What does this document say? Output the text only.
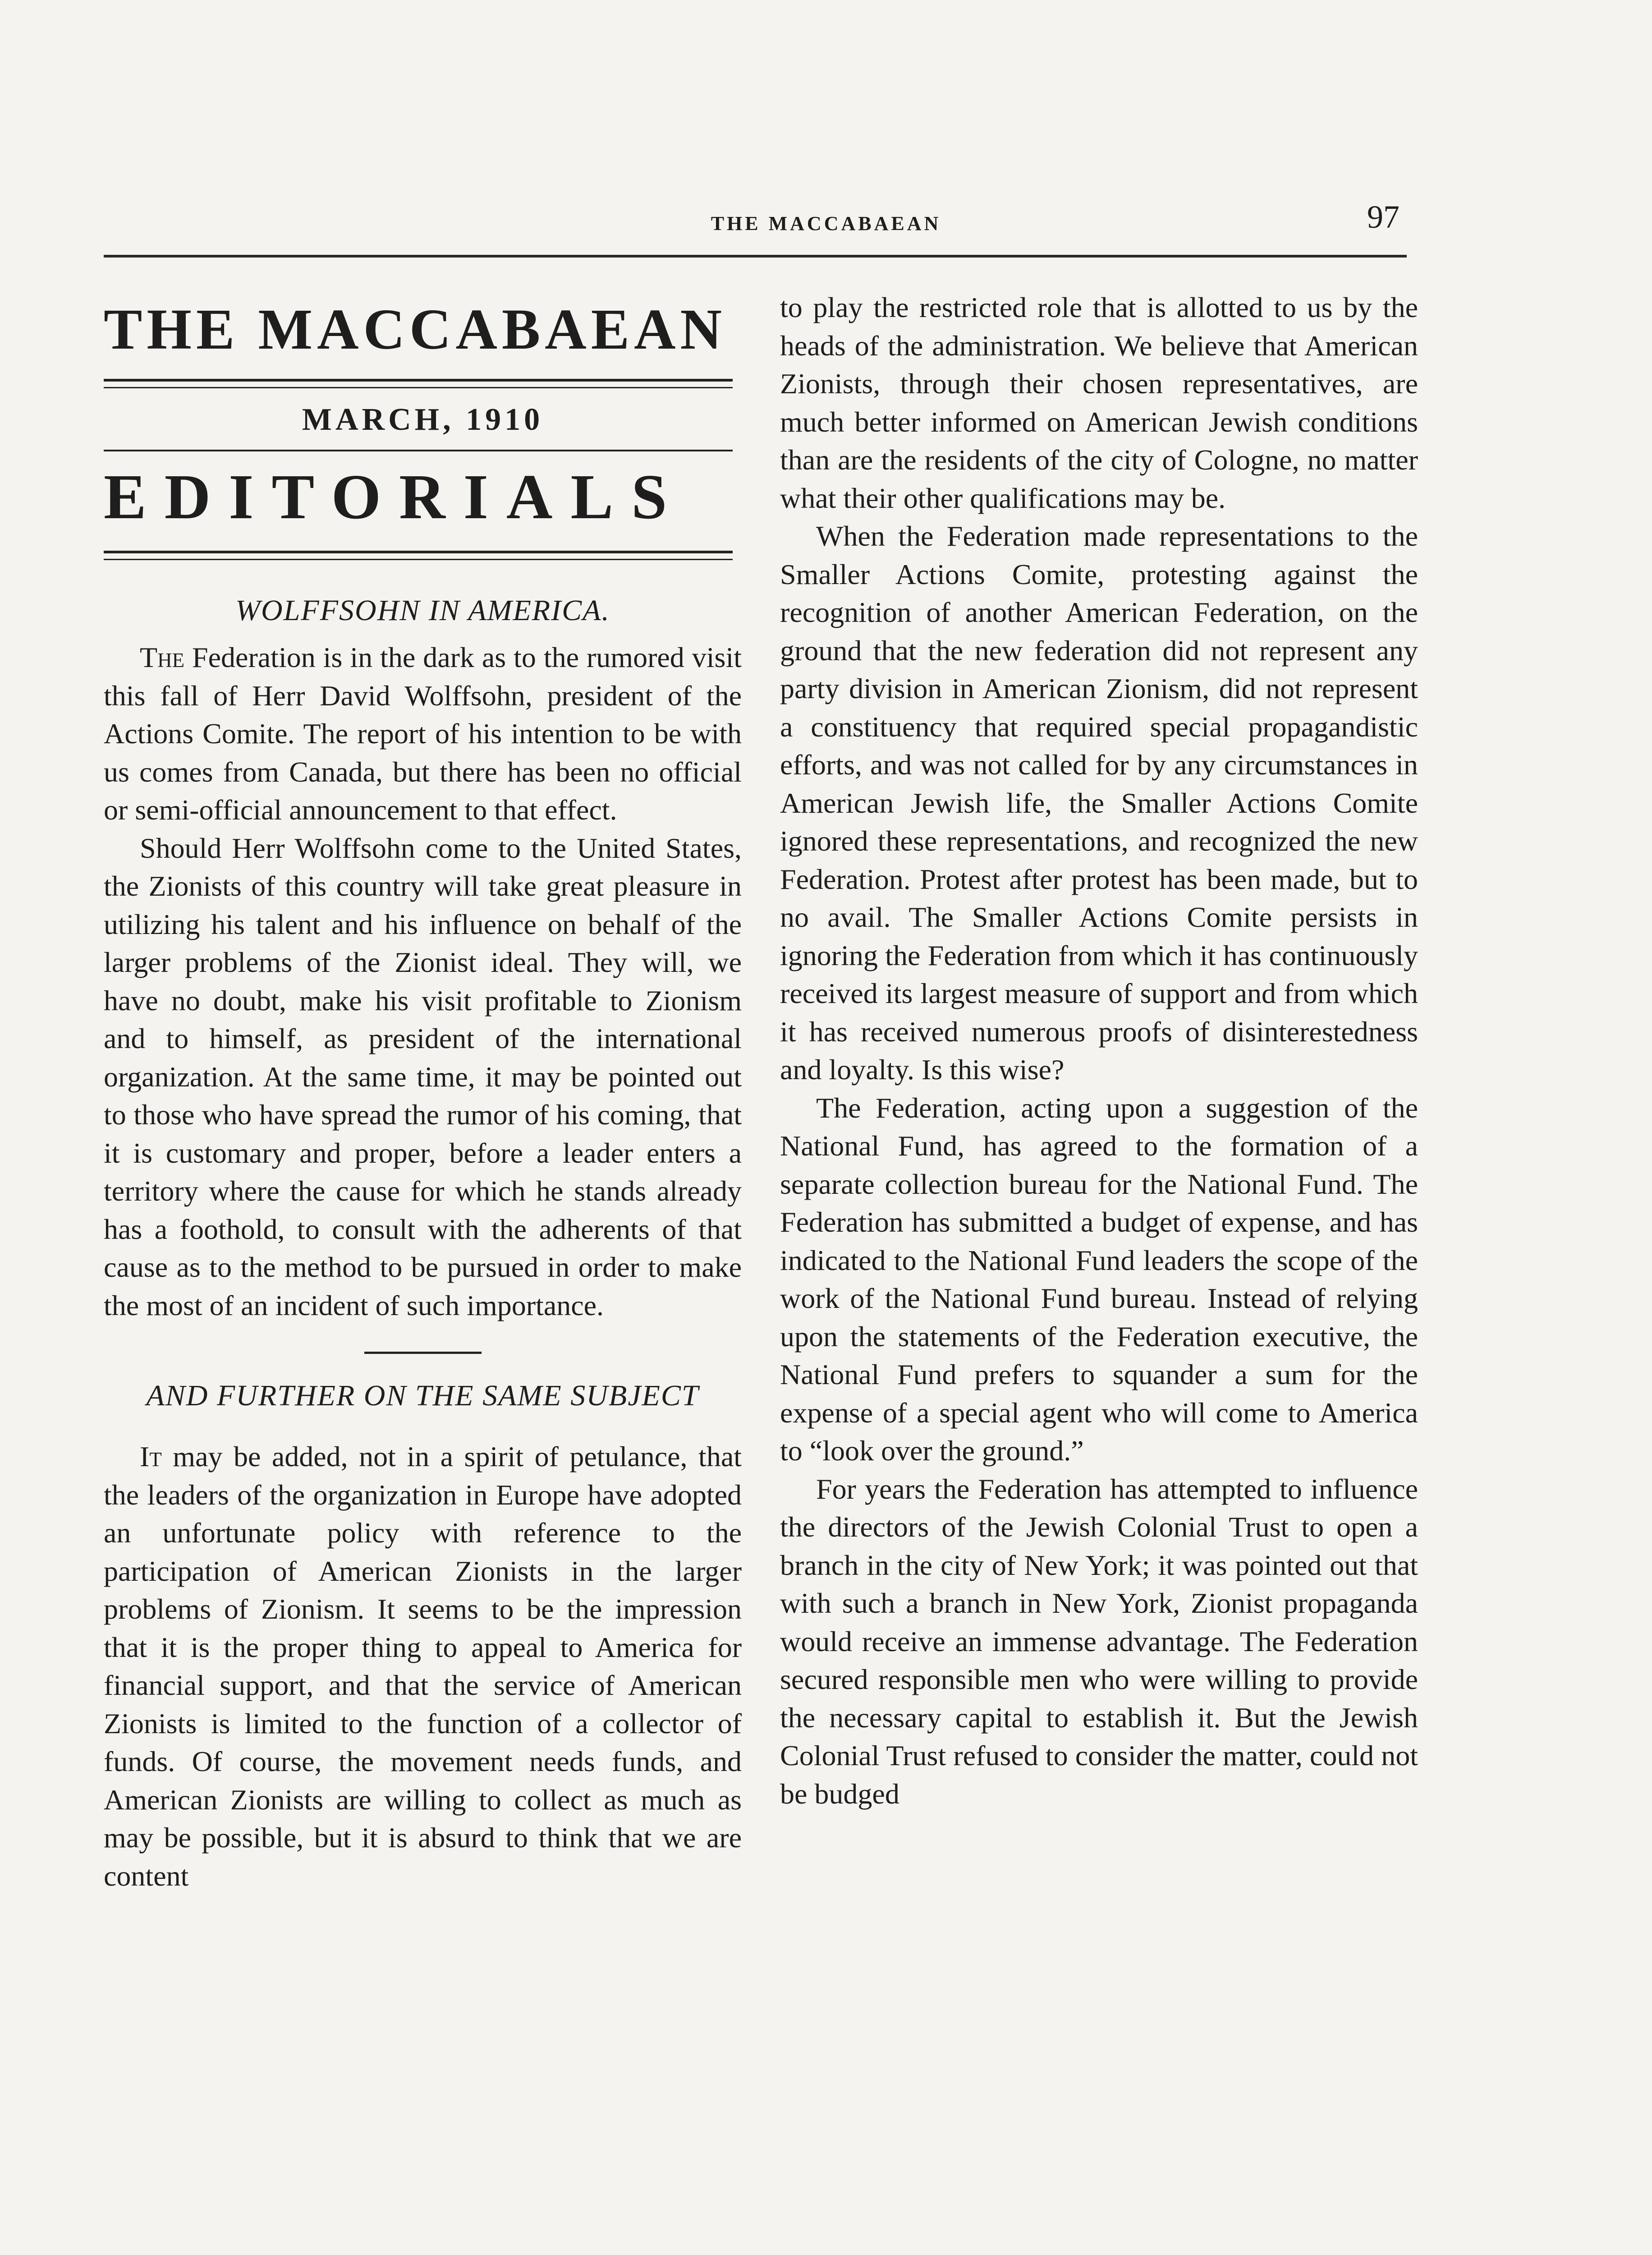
THE MACCABAEAN	97
THE MACCABAEAN
MARCH, 1910
EDITORIALS
WOLFFSOHN IN AMERICA.

The Federation is in the dark as to the rumored visit this fall of Herr David Wolffsohn, president of the Actions Comite. The report of his intention to be with us comes from Canada, but there has been no official or semi-official announcement to that effect.

Should Herr Wolffsohn come to the United States, the Zionists of this country will take great pleasure in utilizing his talent and his influence on behalf of the larger problems of the Zionist ideal. They will, we have no doubt, make his visit profitable to Zionism and to himself, as president of the international organization. At the same time, it may be pointed out to those who have spread the rumor of his coming, that it is customary and proper, before a leader enters a territory where the cause for which he stands already has a foothold, to consult with the adherents of that cause as to the method to be pursued in order to make the most of an incident of such importance.

AND FURTHER ON THE SAME SUBJECT

It may be added, not in a spirit of petulance, that the leaders of the organization in Europe have adopted an unfortunate policy with reference to the participation of American Zionists in the larger problems of Zionism. It seems to be the impression that it is the proper thing to appeal to America for financial support, and that the service of American Zionists is limited to the function of a collector of funds. Of course, the movement needs funds, and American Zionists are willing to collect as much as may be possible, but it is absurd to think that we are content

to play the restricted role that is allotted to us by the heads of the administration. We believe that American Zionists, through their chosen representatives, are much better informed on American Jewish conditions than are the residents of the city of Cologne, no matter what their other qualifications may be.

When the Federation made representations to the Smaller Actions Comite, protesting against the recognition of another American Federation, on the ground that the new federation did not represent any party division in American Zionism, did not represent a constituency that required special propagandistic efforts, and was not called for by any circumstances in American Jewish life, the Smaller Actions Comite ignored these representations, and recognized the new Federation. Protest after protest has been made, but to no avail. The Smaller Actions Comite persists in ignoring the Federation from which it has continuously received its largest measure of support and from which it has received numerous proofs of disinterestedness and loyalty. Is this wise?

The Federation, acting upon a suggestion of the National Fund, has agreed to the formation of a separate collection bureau for the National Fund. The Federation has submitted a budget of expense, and has indicated to the National Fund leaders the scope of the work of the National Fund bureau. Instead of relying upon the statements of the Federation executive, the National Fund prefers to squander a sum for the expense of a special agent who will come to America to “look over the ground.”

For years the Federation has attempted to influence the directors of the Jewish Colonial Trust to open a branch in the city of New York; it was pointed out that with such a branch in New York, Zionist propaganda would receive an immense advantage. The Federation secured responsible men who were willing to provide the necessary capital to establish it. But the Jewish Colonial Trust refused to consider the matter, could not be budged
